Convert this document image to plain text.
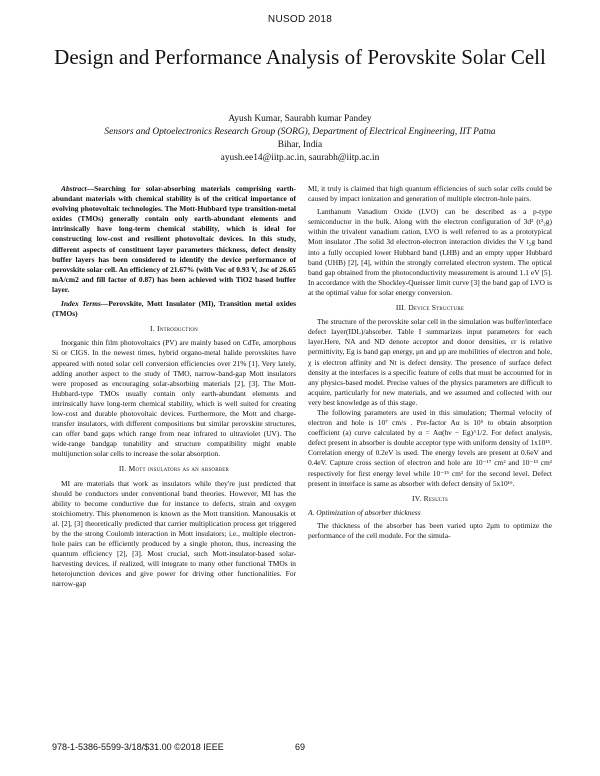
NUSOD 2018
Design and Performance Analysis of Perovskite Solar Cell
Ayush Kumar, Saurabh kumar Pandey
Sensors and Optoelectronics Research Group (SORG), Department of Electrical Engineering, IIT Patna
Bihar, India
ayush.ee14@iitp.ac.in, saurabh@iitp.ac.in

Abstract—Searching for solar-absorbing materials comprising earth-abundant materials with chemical stability is of the critical importance of evolving photovoltaic technologies. The Mott-Hubbard type transition-metal oxides (TMOs) generally contain only earth-abundant elements and intrinsically have long-term chemical stability, which is ideal for constructing low-cost and resilient photovoltaic devices. In this study, different aspects of constituent layer parameters thickness, defect density buffer layers has been considered to identify the device performance of perovskite solar cell. An efficiency of 21.67% (with Voc of 0.93 V, Jsc of 26.65 mA/cm2 and fill factor of 0.87) has been achieved with TiO2 based buffer layer.

Index Terms—Perovskite, Mott Insulator (MI), Transition metal oxides (TMOs)

I. Introduction

Inorganic thin film photovoltaics (PV) are mainly based on CdTe, amorphous Si or CIGS. In the newest times, hybrid organo-metal halide perovskites have appeared with noted solar cell conversion efficiencies over 21% [1]. Very lately, adding another aspect to the study of TMO, narrow-band-gap Mott insulators were proposed as encouraging solar-absorbing materials [2], [3]. The Mott- Hubbard-type TMOs usually contain only earth-abundant elements and intrinsically have long-term chemical stability, which is well suited for creating low-cost and durable photovoltaic devices. Furthermore, the Mott and charge-transfer insulators, with different compositions but similar perovskite structures, can offer band gaps which range from near infrared to ultraviolet (UV). The wide-range bandgap tunability and structure compatibility might enable multijunction solar cells to increase the solar absorption.

II. Mott insulators as an absorber

MI are materials that work as insulators while they're just predicted that should be conductors under conventional band theories. However, MI has the ability to become conductive due for instance to defects, strain and oxygen stoichiometry. This phenomenon is known as the Mott transition. Manousakis et al. [2], [3] theoretically predicted that carrier multiplication process get triggered by the the strong Coulomb interaction in Mott insulators; i.e., multiple electron-hole pairs can be efficiently produced by a single photon, thus, increasing the quantum efficiency [2], [3]. Most crucial, such Mott-insulator-based solar-harvesting devices, if realized, will integrate to many other functional TMOs in heterojunction devices and give power for driving other functionalities. For narrow-gap

MI, it truly is claimed that high quantum efficiencies of such solar cells could be caused by impact ionization and generation of multiple electron-hole pairs.

Lanthanum Vanadium Oxide (LVO) can be described as a p-type semiconductor in the bulk. Along with the electron configuration of 3d² (t²₂g) within the trivalent vanadium cation, LVO is well referred to as a prototypical Mott insulator .The solid 3d electron-electron interaction divides the V t₂g band into a fully occupied lower Hubbard band (LHB) and an empty upper Hubbard band (UHB) [2], [4], within the strongly correlated electron system. The optical band gap obtained from the photoconductivity measurement is around 1.1 eV [5]. In accordance with the Shockley-Queisser limit curve [3] the band gap of LVO is at the optimal value for solar energy conversion.

III. Device Structure

The structure of the perovskite solar cell in the simulation was buffer/interface defect layer(IDL)/absorber. Table I summarizes input parameters for each layer.Here, NA and ND denote acceptor and donor densities, εr is relative permittivity, Eg is band gap energy, μn and μp are mobilities of electron and hole, χ is electron affinity and Nt is defect density. The presence of surface defect density at the interfaces is a specific feature of cells that must be accounted for in any physics-based model. Precise values of the physics parameters are difficult to acquire, particularly for new materials, and we assumed and collected with our very best knowledge as of this stage.

The following parameters are used in this simulation; Thermal velocity of electron and hole is 10⁷ cm/s . Pre-factor Aα is 10⁵ to obtain absorption coefficient (a) curve calculated by α = Aα(hν − Eg)^1/2. For defect analysis, defect present in absorber is double acceptor type with uniform density of 1x10¹⁵. Correlation energy of 0.2eV is used. The energy levels are present at 0.6eV and 0.4eV. Capture cross section of electron and hole are 10⁻¹⁷ cm² and 10⁻¹³ cm² respectively for first energy level while 10⁻¹⁵ cm² for the second level. Defect present in interface is same as absorber with defect density of 5x10¹⁶.

IV. Results
A. Optimization of absorber thickness

The thickness of the absorber has been varied upto 2μm to optimize the performance of the cell module. For the simula-

978-1-5386-5599-3/18/$31.00 ©2018 IEEE	69
